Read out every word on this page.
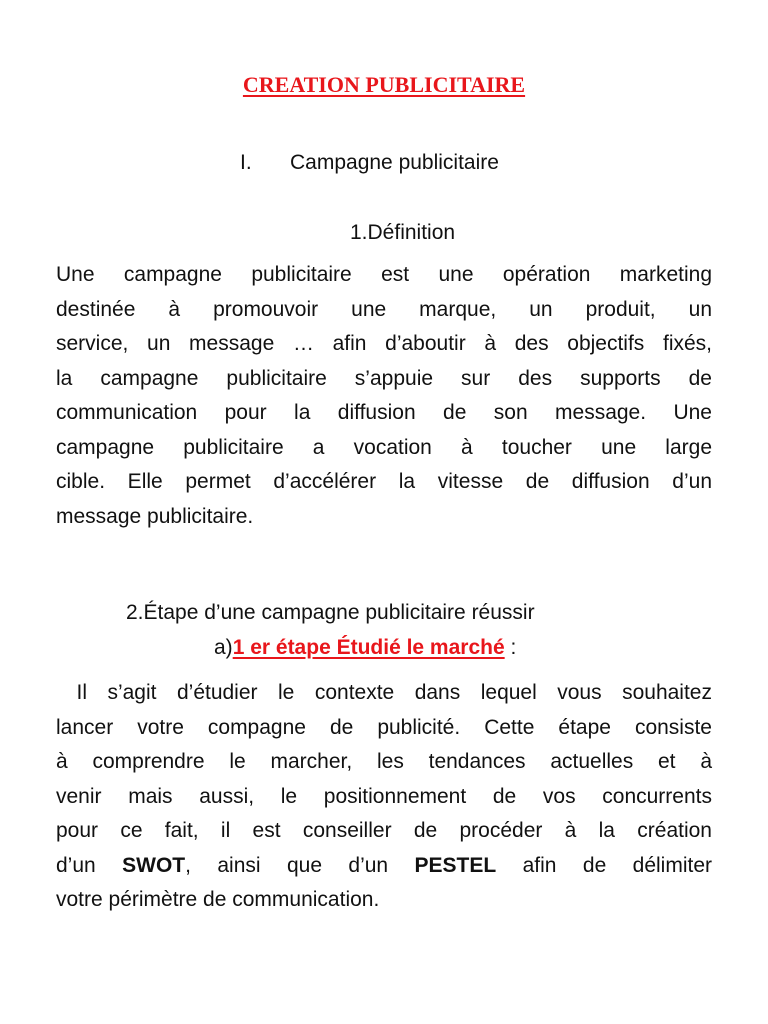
CREATION PUBLICITAIRE
I. Campagne publicitaire
1.Définition
Une campagne publicitaire est une opération marketing
destinée à promouvoir une marque, un produit, un
service, un message … afin d’aboutir à des objectifs fixés,
la campagne publicitaire s’appuie sur des supports de
communication pour la diffusion de son message. Une
campagne publicitaire a vocation à toucher une large
cible. Elle permet d’accélérer la vitesse de diffusion d’un
message publicitaire.
2.Étape d’une campagne publicitaire réussir
a)1 er étape Étudié le marché :
Il s’agit d’étudier le contexte dans lequel vous souhaitez
lancer votre compagne de publicité. Cette étape consiste
à comprendre le marcher, les tendances actuelles et à
venir mais aussi, le positionnement de vos concurrents
pour ce fait, il est conseiller de procéder à la création
d’un SWOT, ainsi que d’un PESTEL afin de délimiter
votre périmètre de communication.
